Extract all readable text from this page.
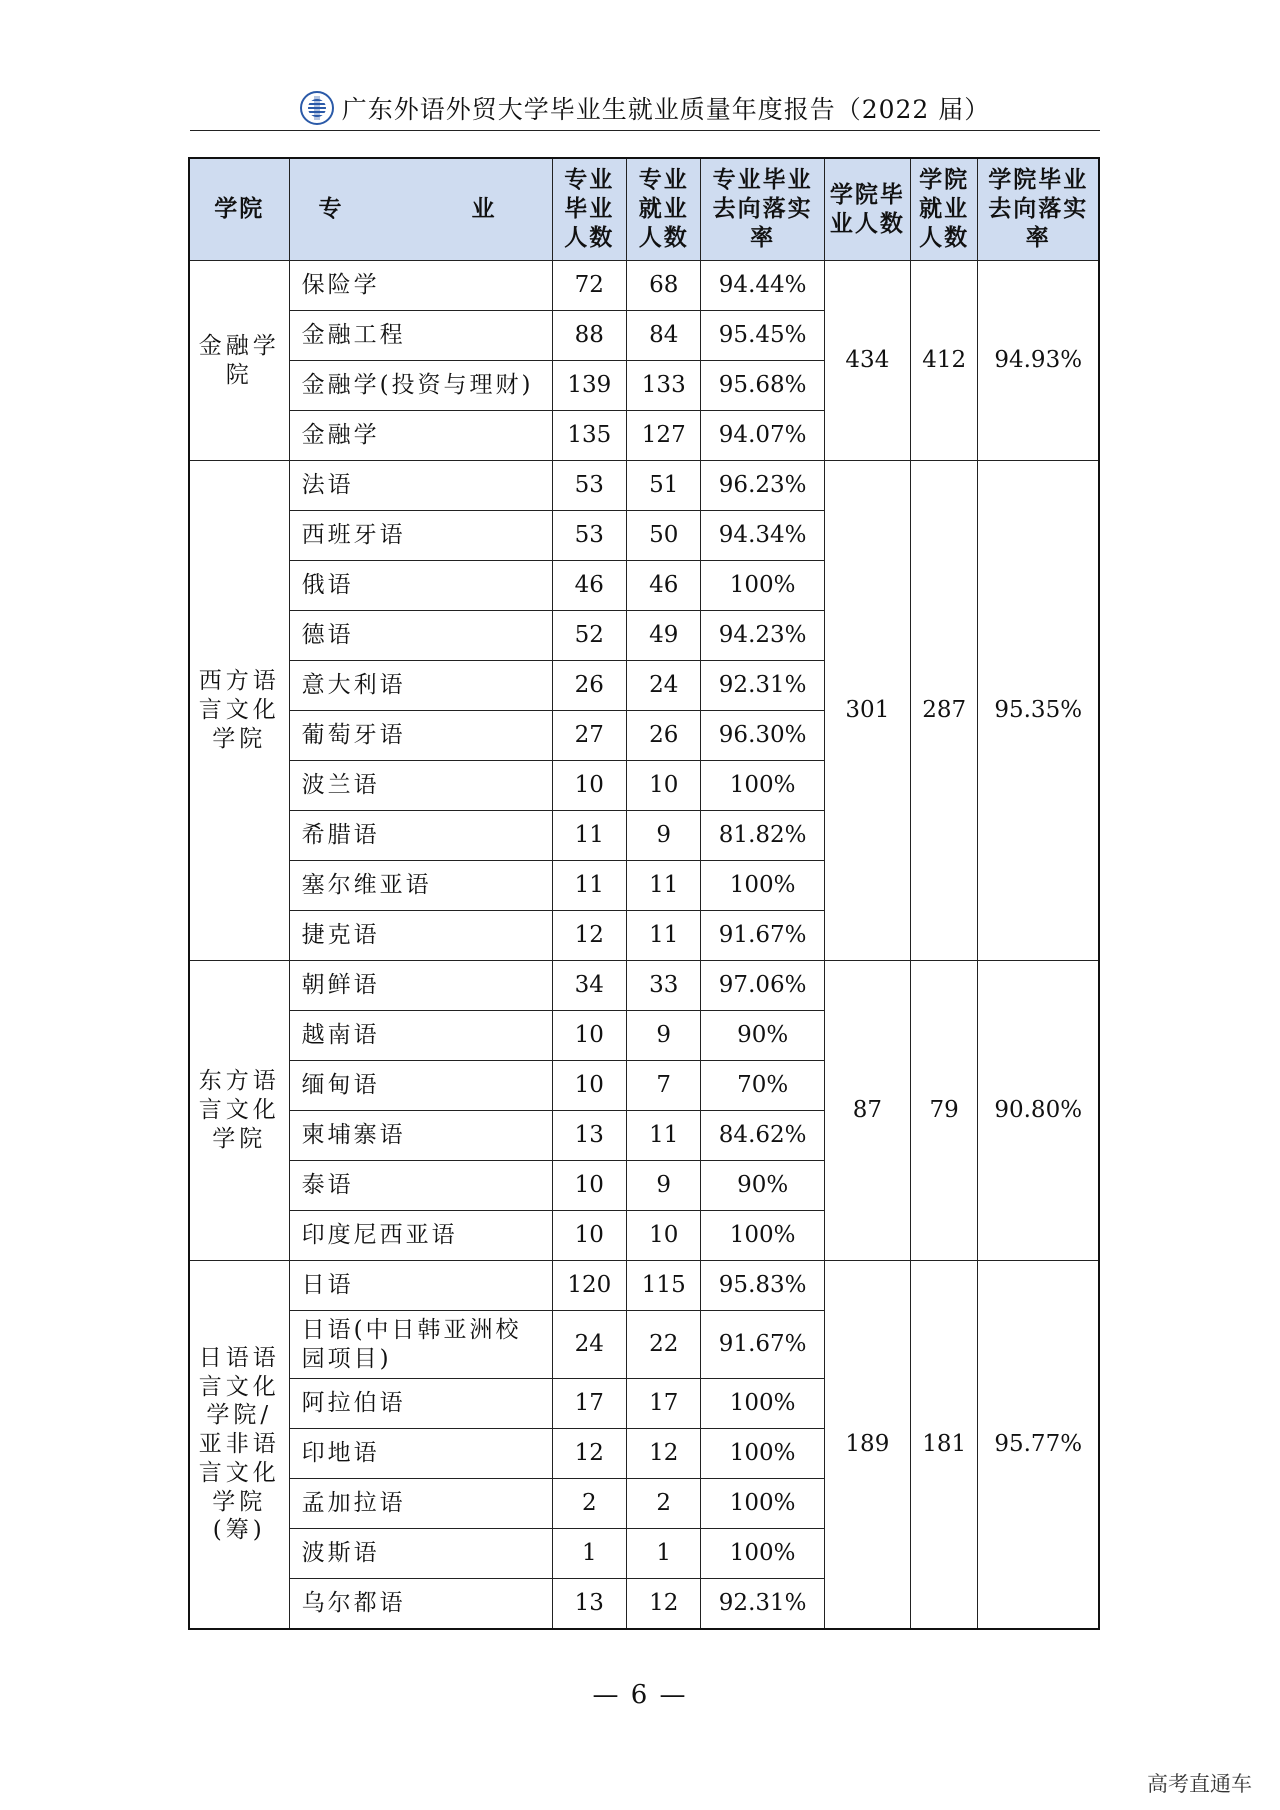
广东外语外贸大学毕业生就业质量年度报告（2022 届）
学院	专　　业	专业毕业人数	专业就业人数	专业毕业去向落实率	学院毕业人数	学院就业人数	学院毕业去向落实率
金融学院	保险学	72	68	94.44%	434	412	94.93%
	金融工程	88	84	95.45%			
	金融学(投资与理财)	139	133	95.68%			
	金融学	135	127	94.07%			
西方语言文化学院	法语	53	51	96.23%	301	287	95.35%
	西班牙语	53	50	94.34%			
	俄语	46	46	100%			
	德语	52	49	94.23%			
	意大利语	26	24	92.31%			
	葡萄牙语	27	26	96.30%			
	波兰语	10	10	100%			
	希腊语	11	9	81.82%			
	塞尔维亚语	11	11	100%			
	捷克语	12	11	91.67%			
东方语言文化学院	朝鲜语	34	33	97.06%	87	79	90.80%
	越南语	10	9	90%			
	缅甸语	10	7	70%			
	柬埔寨语	13	11	84.62%			
	泰语	10	9	90%			
	印度尼西亚语	10	10	100%			
日语语言文化学院/亚非语言文化学院(筹)	日语	120	115	95.83%	189	181	95.77%
	日语(中日韩亚洲校园项目)	24	22	91.67%			
	阿拉伯语	17	17	100%			
	印地语	12	12	100%			
	孟加拉语	2	2	100%			
	波斯语	1	1	100%			
	乌尔都语	13	12	92.31%			
— 6 —
高考直通车
